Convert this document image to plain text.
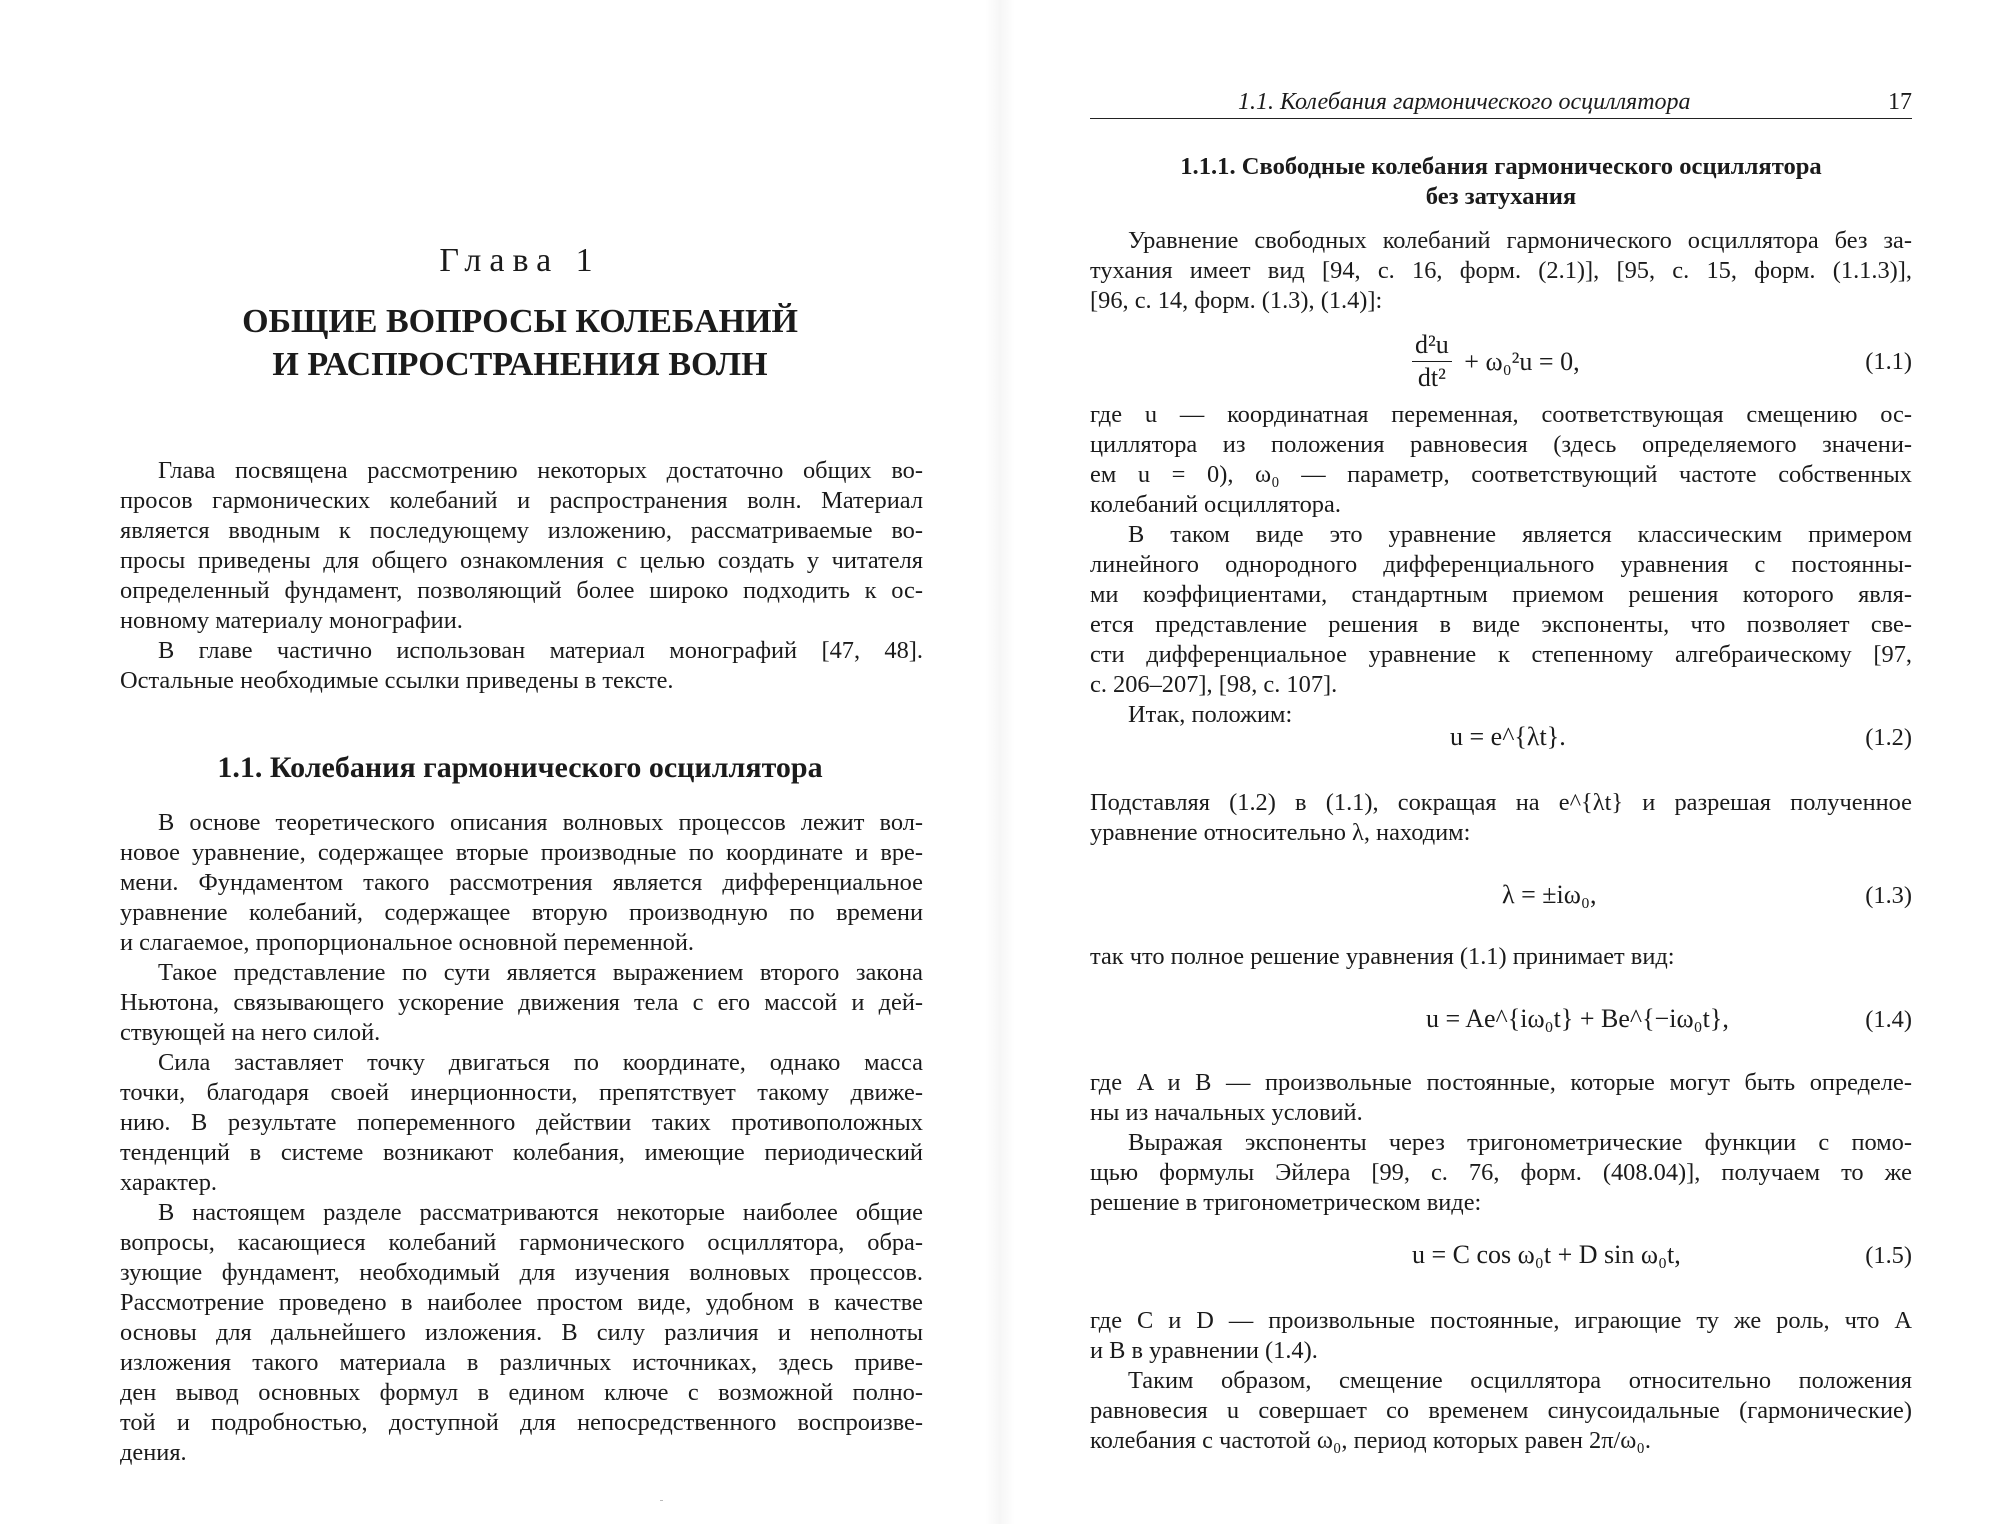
Глава 1
ОБЩИЕ ВОПРОСЫ КОЛЕБАНИЙ
И РАСПРОСТРАНЕНИЯ ВОЛН

Глава посвящена рассмотрению некоторых достаточно общих во-

просов гармонических колебаний и распространения волн. Материал

является вводным к последующему изложению, рассматриваемые во-

просы приведены для общего ознакомления с целью создать у читателя

определенный фундамент, позволяющий более широко подходить к ос-

новному материалу монографии.

В главе частично использован материал монографий [47, 48].

Остальные необходимые ссылки приведены в тексте.

1.1. Колебания гармонического осциллятора

В основе теоретического описания волновых процессов лежит вол-

новое уравнение, содержащее вторые производные по координате и вре-

мени. Фундаментом такого рассмотрения является дифференциальное

уравнение колебаний, содержащее вторую производную по времени

и слагаемое, пропорциональное основной переменной.

Такое представление по сути является выражением второго закона

Ньютона, связывающего ускорение движения тела с его массой и дей-

ствующей на него силой.

Сила заставляет точку двигаться по координате, однако масса

точки, благодаря своей инерционности, препятствует такому движе-

нию. В результате попеременного действии таких противоположных

тенденций в системе возникают колебания, имеющие периодический

характер.

В настоящем разделе рассматриваются некоторые наиболее общие

вопросы, касающиеся колебаний гармонического осциллятора, обра-

зующие фундамент, необходимый для изучения волновых процессов.

Рассмотрение проведено в наиболее простом виде, удобном в качестве

основы для дальнейшего изложения. В силу различия и неполноты

изложения такого материала в различных источниках, здесь приве-

ден вывод основных формул в едином ключе с возможной полно-

той и подробностью, доступной для непосредственного воспроизве-

дения.

1.1. Колебания гармонического осциллятора	17
1.1.1. Свободные колебания гармонического осциллятора
без затухания

Уравнение свободных колебаний гармонического осциллятора без за-

тухания имеет вид [94, с. 16, форм. (2.1)], [95, с. 15, форм. (1.1.3)],

[96, с. 14, форм. (1.3), (1.4)]:

$\frac{\text{d²u}}{\text{dt²}} + \omega_0^2u = 0$,	(1.1)

где u — координатная переменная, соответствующая смещению ос-

циллятора из положения равновесия (здесь определяемого значени-

ем u = 0), ω₀ — параметр, соответствующий частоте собственных

колебаний осциллятора.

В таком виде это уравнение является классическим примером

линейного однородного дифференциального уравнения с постоянны-

ми коэффициентами, стандартным приемом решения которого явля-

ется представление решения в виде экспоненты, что позволяет све-

сти дифференциальное уравнение к степенному алгебраическому [97,

с. 206–207], [98, с. 107].

Итак, положим:

u = e^{λt}.	(1.2)

Подставляя (1.2) в (1.1), сокращая на e^{λt} и разрешая полученное

уравнение относительно λ, находим:

λ = ±iω₀,	(1.3)

так что полное решение уравнения (1.1) принимает вид:

u = Ae^{iω₀t} + Be^{−iω₀t},	(1.4)

где A и B — произвольные постоянные, которые могут быть определе-

ны из начальных условий.

Выражая экспоненты через тригонометрические функции с помо-

щью формулы Эйлера [99, с. 76, форм. (408.04)], получаем то же

решение в тригонометрическом виде:

u = C cos ω₀t + D sin ω₀t,	(1.5)

где C и D — произвольные постоянные, играющие ту же роль, что A

и B в уравнении (1.4).

Таким образом, смещение осциллятора относительно положения

равновесия u совершает со временем синусоидальные (гармонические)

колебания с частотой ω₀, период которых равен 2π/ω₀.
